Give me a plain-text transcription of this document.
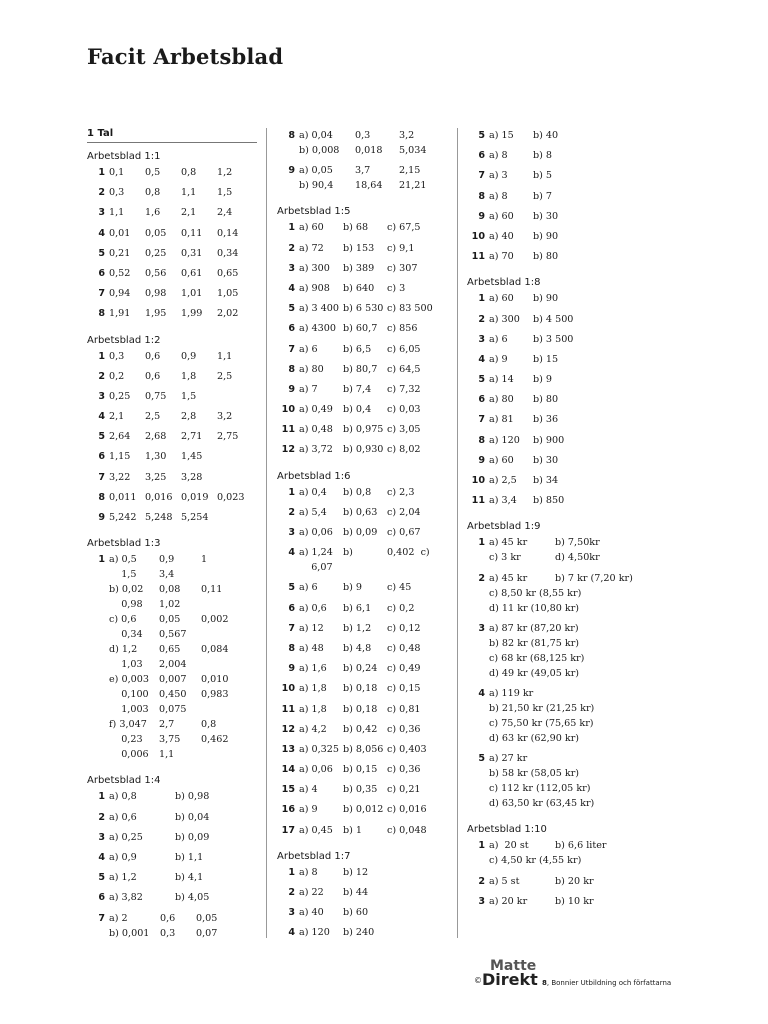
Facit Arbetsblad
1 Tal
Arbetsblad 1:1
1 0,1	0,5	0,8	1,2
2 0,3	0,8	1,1	1,5
3 1,1	1,6	2,1	2,4
4 0,01	0,05	0,11	0,14
5 0,21	0,25	0,31	0,34
6 0,52	0,56	0,61	0,65
7 0,94	0,98	1,01	1,05
8 1,91	1,95	1,99	2,02
Arbetsblad 1:2
1 0,3	0,6	0,9	1,1
2 0,2	0,6	1,8	2,5
3 0,25	0,75	1,5
4 2,1	2,5	2,8	3,2
5 2,64	2,68	2,71	2,75
6 1,15	1,30	1,45
7 3,22	3,25	3,28
8 0,011 0,016 0,019 0,023
9 5,242 5,248 5,254
Arbetsblad 1:3
1 a) 0,5	0,9	1
1,5	3,4
b) 0,02	0,08	0,11
0,98	1,02
c) 0,6	0,05	0,002
0,34	0,567
d) 1,2	0,65	0,084
1,03	2,004
e) 0,003	0,007	0,010
0,100	0,450	0,983
1,003	0,075
f) 3,047	2,7	0,8
0,23	3,75	0,462
0,006	1,1
Arbetsblad 1:4
1 a) 0,8	b) 0,98
2 a) 0,6	b) 0,04
3 a) 0,25	b) 0,09
4 a) 0,9	b) 1,1
5 a) 1,2	b) 4,1
6 a) 3,82	b) 4,05
7 a) 2	0,6	0,05
b) 0,001	0,3	0,07
8 a) 0,04	0,3	3,2
b) 0,008	0,018	5,034
9 a) 0,05	3,7	2,15
b) 90,4	18,64	21,21
Arbetsblad 1:5
1 a) 60	b) 68	c) 67,5
2 a) 72	b) 153	c) 9,1
3 a) 300	b) 389	c) 307
4 a) 908	b) 640	c) 3
5 a) 3 400 b) 6 530 c) 83 500
6 a) 4300 b) 60,7	c) 856
7 a) 6	b) 6,5	c) 6,05
8 a) 80	b) 80,7	c) 64,5
9 a) 7	b) 7,4	c) 7,32
10 a) 0,49	b) 0,4	c) 0,03
11 a) 0,48	b) 0,975 c) 3,05
12 a) 3,72	b) 0,930 c) 8,02
Arbetsblad 1:6
1 a) 0,4	b) 0,8	c) 2,3
2 a) 5,4	b) 0,63	c) 2,04
3 a) 0,06	b) 0,09	c) 0,67
4 a) 1,24	b)	0,402  c)
6,07
5 a) 6	b) 9	c) 45
6 a) 0,6	b) 6,1	c) 0,2
7 a) 12	b) 1,2	c) 0,12
8 a) 48	b) 4,8	c) 0,48
9 a) 1,6	b) 0,24	c) 0,49
10 a) 1,8	b) 0,18	c) 0,15
11 a) 1,8	b) 0,18	c) 0,81
12 a) 4,2	b) 0,42	c) 0,36
13 a) 0,325 b) 8,056 c) 0,403
14 a) 0,06	b) 0,15	c) 0,36
15 a) 4	b) 0,35	c) 0,21
16 a) 9	b) 0,012 c) 0,016
17 a) 0,45	b) 1	c) 0,048
Arbetsblad 1:7
1 a) 8	b) 12
2 a) 22	b) 44
3 a) 40	b) 60
4 a) 120	b) 240
5 a) 15	b) 40
6 a) 8	b) 8
7 a) 3	b) 5
8 a) 8	b) 7
9 a) 60	b) 30
10 a) 40	b) 90
11 a) 70	b) 80
Arbetsblad 1:8
1 a) 60	b) 90
2 a) 300	b) 4 500
3 a) 6	b) 3 500
4 a) 9	b) 15
5 a) 14	b) 9
6 a) 80	b) 80
7 a) 81	b) 36
8 a) 120	b) 900
9 a) 60	b) 30
10 a) 2,5	b) 34
11 a) 3,4	b) 850
Arbetsblad 1:9
1 a) 45 kr	b) 7,50kr
c) 3 kr	d) 4,50kr
2 a) 45 kr	b) 7 kr (7,20 kr)
c) 8,50 kr (8,55 kr)
d) 11 kr (10,80 kr)
3 a) 87 kr (87,20 kr)
b) 82 kr (81,75 kr)
c) 68 kr (68,125 kr)
d) 49 kr (49,05 kr)
4 a) 119 kr
b) 21,50 kr (21,25 kr)
c) 75,50 kr (75,65 kr)
d) 63 kr (62,90 kr)
5 a) 27 kr
b) 58 kr (58,05 kr)
c) 112 kr (112,05 kr)
d) 63,50 kr (63,45 kr)
Arbetsblad 1:10
1 a)  20 st	b) 6,6 liter
c) 4,50 kr (4,55 kr)
2 a) 5 st	b) 20 kr
3 a) 20 kr	b) 10 kr
©
Matte
Direkt 8, Bonnier Utbildning och författarna
